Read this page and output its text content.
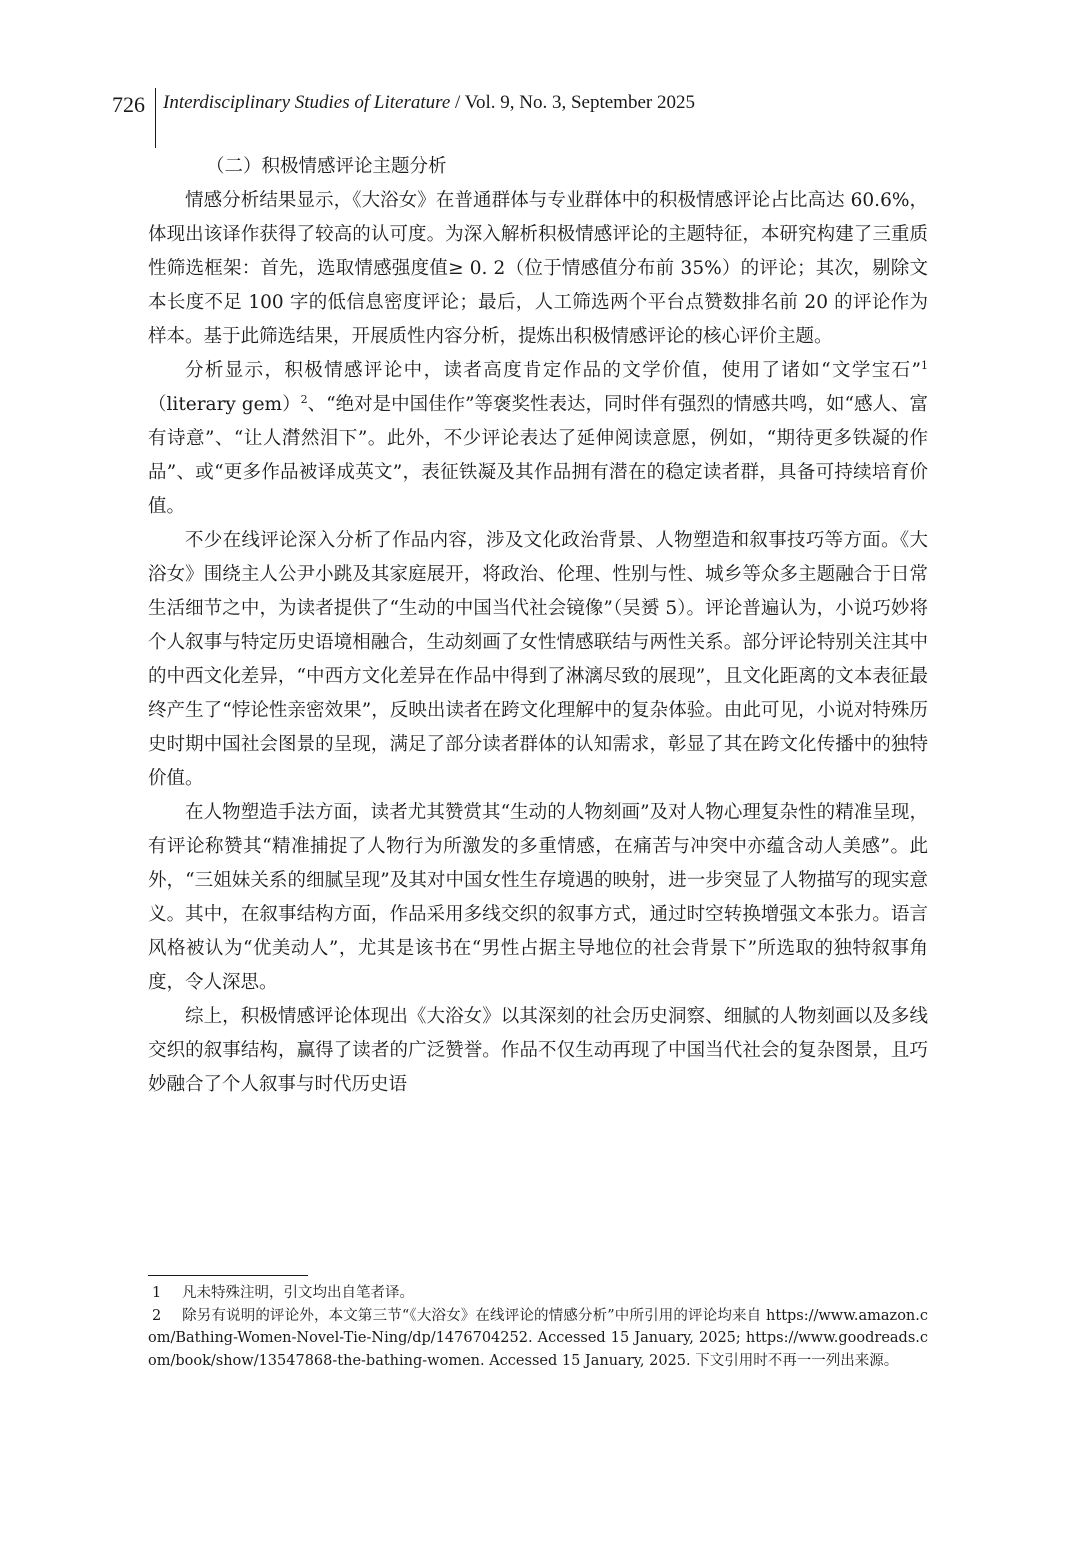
726 Interdisciplinary Studies of Literature / Vol. 9, No. 3, September 2025
（二）积极情感评论主题分析

情感分析结果显示，《大浴女》在普通群体与专业群体中的积极情感评论占比高达 60.6%，体现出该译作获得了较高的认可度。为深入解析积极情感评论的主题特征，本研究构建了三重质性筛选框架：首先，选取情感强度值≥ 0. 2（位于情感值分布前 35%）的评论；其次，剔除文本长度不足 100 字的低信息密度评论；最后，人工筛选两个平台点赞数排名前 20 的评论作为样本。基于此筛选结果，开展质性内容分析，提炼出积极情感评论的核心评价主题。

分析显示，积极情感评论中，读者高度肯定作品的文学价值，使用了诸如“文学宝石”$^1$（literary gem）$^2$、“绝对是中国佳作”等褒奖性表达，同时伴有强烈的情感共鸣，如“感人、富有诗意”、“让人潸然泪下”。此外，不少评论表达了延伸阅读意愿，例如，“期待更多铁凝的作品”、或“更多作品被译成英文”，表征铁凝及其作品拥有潜在的稳定读者群，具备可持续培育价值。

不少在线评论深入分析了作品内容，涉及文化政治背景、人物塑造和叙事技巧等方面。《大浴女》围绕主人公尹小跳及其家庭展开，将政治、伦理、性别与性、城乡等众多主题融合于日常生活细节之中，为读者提供了“生动的中国当代社会镜像”（吴赟 5）。评论普遍认为，小说巧妙将个人叙事与特定历史语境相融合，生动刻画了女性情感联结与两性关系。部分评论特别关注其中的中西文化差异，“中西方文化差异在作品中得到了淋漓尽致的展现”，且文化距离的文本表征最终产生了“悖论性亲密效果”，反映出读者在跨文化理解中的复杂体验。由此可见，小说对特殊历史时期中国社会图景的呈现，满足了部分读者群体的认知需求，彰显了其在跨文化传播中的独特价值。

在人物塑造手法方面，读者尤其赞赏其“生动的人物刻画”及对人物心理复杂性的精准呈现，有评论称赞其“精准捕捉了人物行为所激发的多重情感，在痛苦与冲突中亦蕴含动人美感”。此外，“三姐妹关系的细腻呈现”及其对中国女性生存境遇的映射，进一步突显了人物描写的现实意义。其中，在叙事结构方面，作品采用多线交织的叙事方式，通过时空转换增强文本张力。语言风格被认为“优美动人”，尤其是该书在“男性占据主导地位的社会背景下”所选取的独特叙事角度，令人深思。

综上，积极情感评论体现出《大浴女》以其深刻的社会历史洞察、细腻的人物刻画以及多线交织的叙事结构，赢得了读者的广泛赞誉。作品不仅生动再现了中国当代社会的复杂图景，且巧妙融合了个人叙事与时代历史语

1 凡未特殊注明，引文均出自笔者译。

2 除另有说明的评论外，本文第三节“《大浴女》在线评论的情感分析”中所引用的评论均来自 https://www.amazon.com/Bathing-Women-Novel-Tie-Ning/dp/1476704252. Accessed 15 January, 2025; https://www.goodreads.com/book/show/13547868-the-bathing-women. Accessed 15 January, 2025. 下文引用时不再一一列出来源。
